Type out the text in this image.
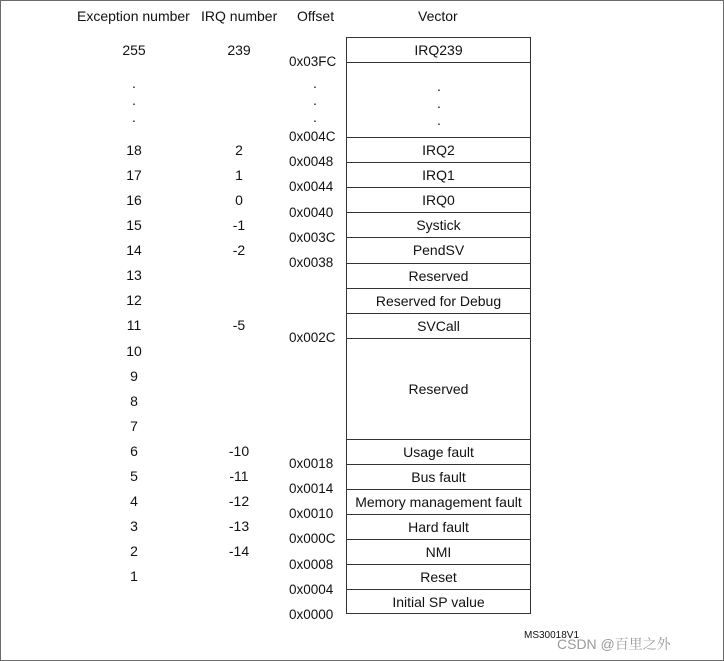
Exception number IRQ number Offset	Vector
255
.
.
.
18
17
16
15
14
13
12
11
10
9
8
7
6
5
4
3
2
1
239
2
1
0
-1
-2
-5
-10
-11
-12
-13
-14
0x03FC
.
.
.
0x004C
0x0048
0x0044
0x0040
0x003C
0x0038
0x002C
0x0018
0x0014
0x0010
0x000C
0x0008
0x0004
0x0000
IRQ239
.
.
.
IRQ2
IRQ1
IRQ0
Systick
PendSV
Reserved
Reserved for Debug
SVCall
Reserved
Usage fault
Bus fault
Memory management fault
Hard fault
NMI
Reset
Initial SP value
MS30018V1
CSDN @百里之外
